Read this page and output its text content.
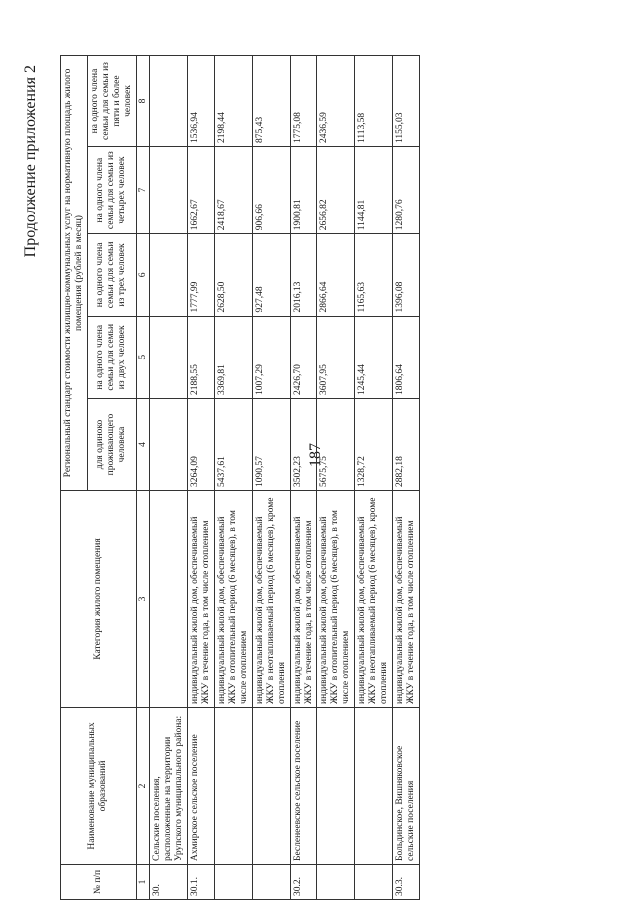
187
Продолжение приложения 2
№ п/п	Наименование муниципальных образований	Категория жилого помещения	Региональный стандарт стоимости жилищно-коммунальных услуг на нормативную площадь жилого помещения (рублей в месяц)				
			для одиноко проживающего человека	на одного члена семьи для семьи из двух человек	на одного члена семьи для семьи из трех человек	на одного члена семьи для семьи из четырех человек	на одного члена семьи для семьи из пяти и более человек
1	2	3	4	5	6	7	8
30.	Сельские поселения, расположенные на территории Урупского муниципального района:						
30.1.	Ахмирское сельское поселение	индивидуальный жилой дом, обеспечиваемый ЖКУ в течение года, в том числе отоплением	3264,09	2188,55	1777,99	1662,67	1536,94
		индивидуальный жилой дом, обеспечиваемый ЖКУ в отопительный период (6 месяцев), в том числе отоплением	5437,61	3369,81	2628,50	2418,67	2198,44
		индивидуальный жилой дом, обеспечиваемый ЖКУ в неотапливаемый период (6 месяцев), кроме отопления	1090,57	1007,29	927,48	906,66	875,43
30.2.	Бесленеевское сельское поселение	индивидуальный жилой дом, обеспечиваемый ЖКУ в течение года, в том числе отоплением	3502,23	2426,70	2016,13	1900,81	1775,08
		индивидуальный жилой дом, обеспечиваемый ЖКУ в отопительный период (6 месяцев), в том числе отоплением	5675,75	3607,95	2866,64	2656,82	2436,59
		индивидуальный жилой дом, обеспечиваемый ЖКУ в неотапливаемый период (6 месяцев), кроме отопления	1328,72	1245,44	1165,63	1144,81	1113,58
30.3.	Больдинское, Вишняковское сельские поселения	индивидуальный жилой дом, обеспечиваемый ЖКУ в течение года, в том числе отоплением	2882,18	1806,64	1396,08	1280,76	1155,03
